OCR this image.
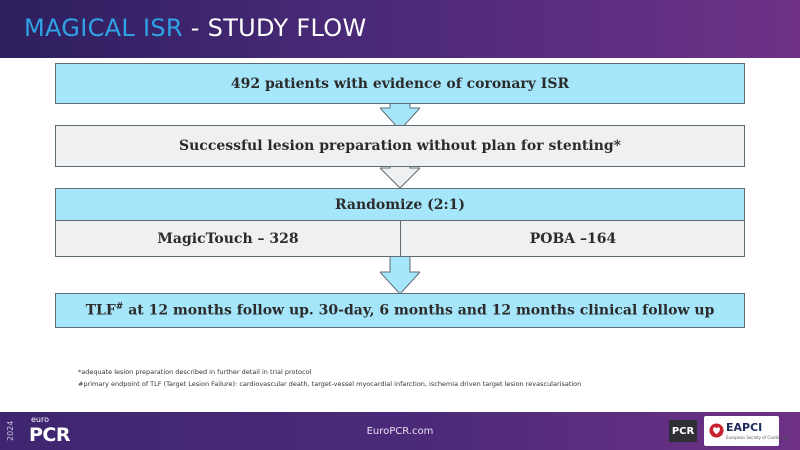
MAGICAL ISR - STUDY FLOW
492 patients with evidence of coronary ISR
Successful lesion preparation without plan for stenting*
Randomize (2:1)
MagicTouch – 328	POBA –164
TLF# at 12 months follow up. 30-day, 6 months and 12 months clinical follow up
*adequate lesion preparation described in further detail in trial protocol
#primary endpoint of TLF (Target Lesion Failure): cardiovascular death, target-vessel myocardial infarction, ischemia driven target lesion revascularisation
2024
euro
PCR	EuroPCR.com	PCR	EAPCI
European Society of Cardiology
